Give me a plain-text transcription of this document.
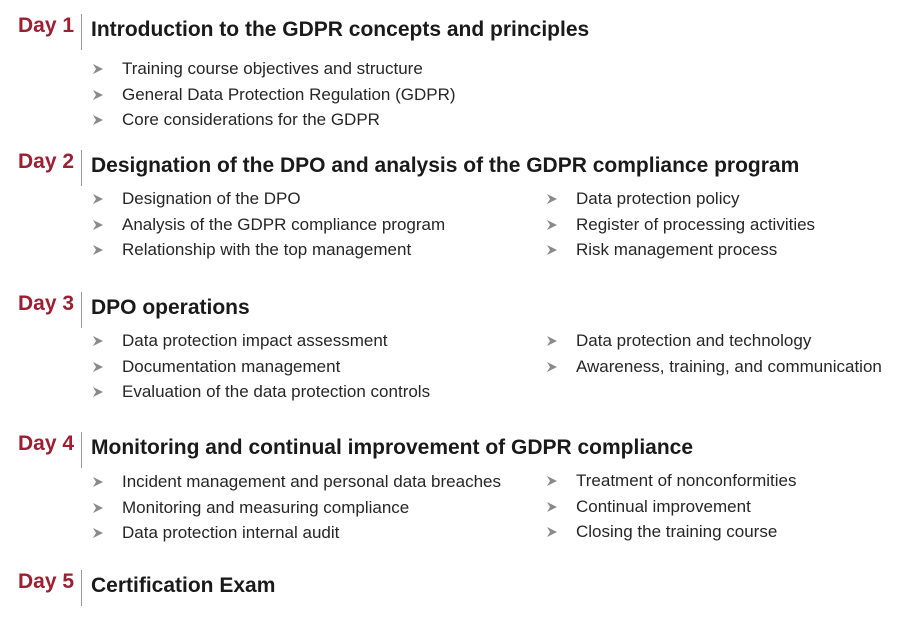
Day 1 Introduction to the GDPR concepts and principles
Training course objectives and structure
General Data Protection Regulation (GDPR)
Core considerations for the GDPR
Day 2 Designation of the DPO and analysis of the GDPR compliance program
Designation of the DPO
Analysis of the GDPR compliance program
Relationship with the top management
Data protection policy
Register of processing activities
Risk management process
Day 3 DPO operations
Data protection impact assessment
Documentation management
Evaluation of the data protection controls
Data protection and technology
Awareness, training, and communication
Day 4 Monitoring and continual improvement of GDPR compliance
Incident management and personal data breaches
Monitoring and measuring compliance
Data protection internal audit
Treatment of nonconformities
Continual improvement
Closing the training course
Day 5 Certification Exam
